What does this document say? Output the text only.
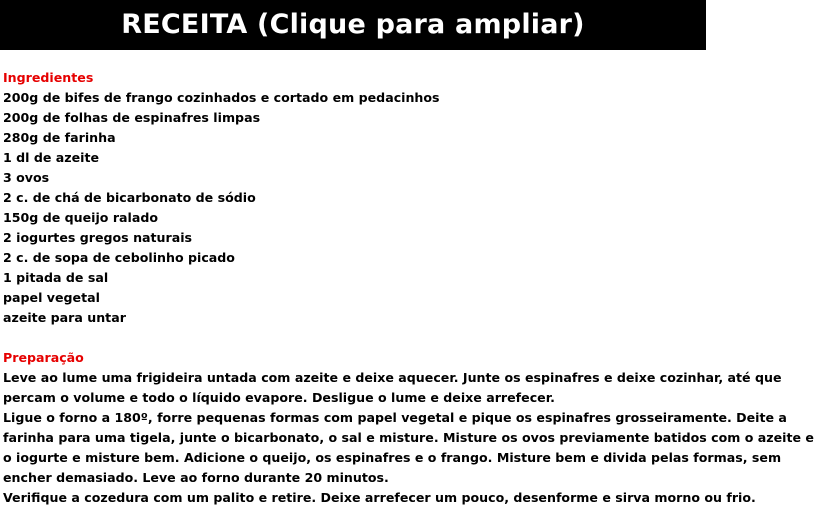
RECEITA (Clique para ampliar)
Ingredientes
200g de bifes de frango cozinhados e cortado em pedacinhos
200g de folhas de espinafres limpas
280g de farinha
1 dl de azeite
3 ovos
2 c. de chá de bicarbonato de sódio
150g de queijo ralado
2 iogurtes gregos naturais
2 c. de sopa de cebolinho picado
1 pitada de sal
papel vegetal
azeite para untar
Preparação
Leve ao lume uma frigideira untada com azeite e deixe aquecer. Junte os espinafres e deixe cozinhar, até que
percam o volume e todo o líquido evapore. Desligue o lume e deixe arrefecer.
Ligue o forno a 180º, forre pequenas formas com papel vegetal e pique os espinafres grosseiramente. Deite a
farinha para uma tigela, junte o bicarbonato, o sal e misture. Misture os ovos previamente batidos com o azeite e
o iogurte e misture bem. Adicione o queijo, os espinafres e o frango. Misture bem e divida pelas formas, sem
encher demasiado. Leve ao forno durante 20 minutos.
Verifique a cozedura com um palito e retire. Deixe arrefecer um pouco, desenforme e sirva morno ou frio.
